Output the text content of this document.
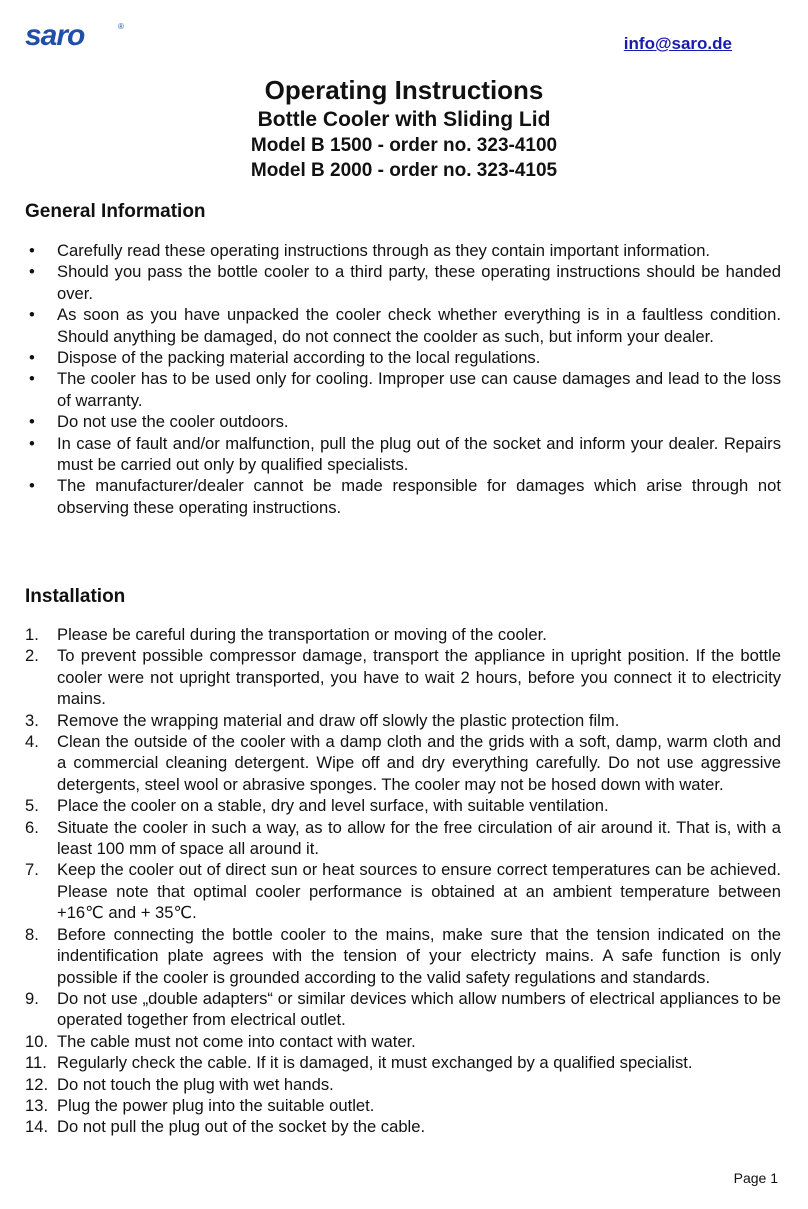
saro	®
info@saro.de
Operating Instructions
Bottle Cooler with Sliding Lid
Model B 1500 - order no. 323-4100
Model B 2000 - order no. 323-4105
General Information
• Carefully read these operating instructions through as they contain important information.
• Should you pass the bottle cooler to a third party, these operating instructions should be handed over.
• As soon as you have unpacked the cooler check whether everything is in a faultless condition. Should anything be damaged, do not connect the coolder as such, but inform your dealer.
• Dispose of the packing material according to the local regulations.
• The cooler has to be used only for cooling. Improper use can cause damages and lead to the loss of warranty.
• Do not use the cooler outdoors.
• In case of fault and/or malfunction, pull the plug out of the socket and inform your dealer. Repairs must be carried out only by qualified specialists.
• The manufacturer/dealer cannot be made responsible for damages which arise through not observing these operating instructions.
Installation
1. Please be careful during the transportation or moving of the cooler.
2. To prevent possible compressor damage, transport the appliance in upright position. If the bottle cooler were not upright transported, you have to wait 2 hours, before you connect it to electricity mains.
3. Remove the wrapping material and draw off slowly the plastic protection film.
4. Clean the outside of the cooler with a damp cloth and the grids with a soft, damp, warm cloth and a commercial cleaning detergent. Wipe off and dry everything carefully. Do not use aggressive detergents, steel wool or abrasive sponges. The cooler may not be hosed down with water.
5. Place the cooler on a stable, dry and level surface, with suitable ventilation.
6. Situate the cooler in such a way, as to allow for the free circulation of air around it. That is, with a least 100 mm of space all around it.
7. Keep the cooler out of direct sun or heat sources to ensure correct temperatures can be achieved. Please note that optimal cooler performance is obtained at an ambient temperature between +16℃ and + 35℃.
8. Before connecting the bottle cooler to the mains, make sure that the tension indicated on the indentification plate agrees with the tension of your electricty mains. A safe function is only possible if the cooler is grounded according to the valid safety regulations and standards.
9. Do not use „double adapters“ or similar devices which allow numbers of electrical appliances to be operated together from electrical outlet.
10. The cable must not come into contact with water.
11. Regularly check the cable. If it is damaged, it must exchanged by a qualified specialist.
12. Do not touch the plug with wet hands.
13. Plug the power plug into the suitable outlet.
14. Do not pull the plug out of the socket by the cable.
Page 1
